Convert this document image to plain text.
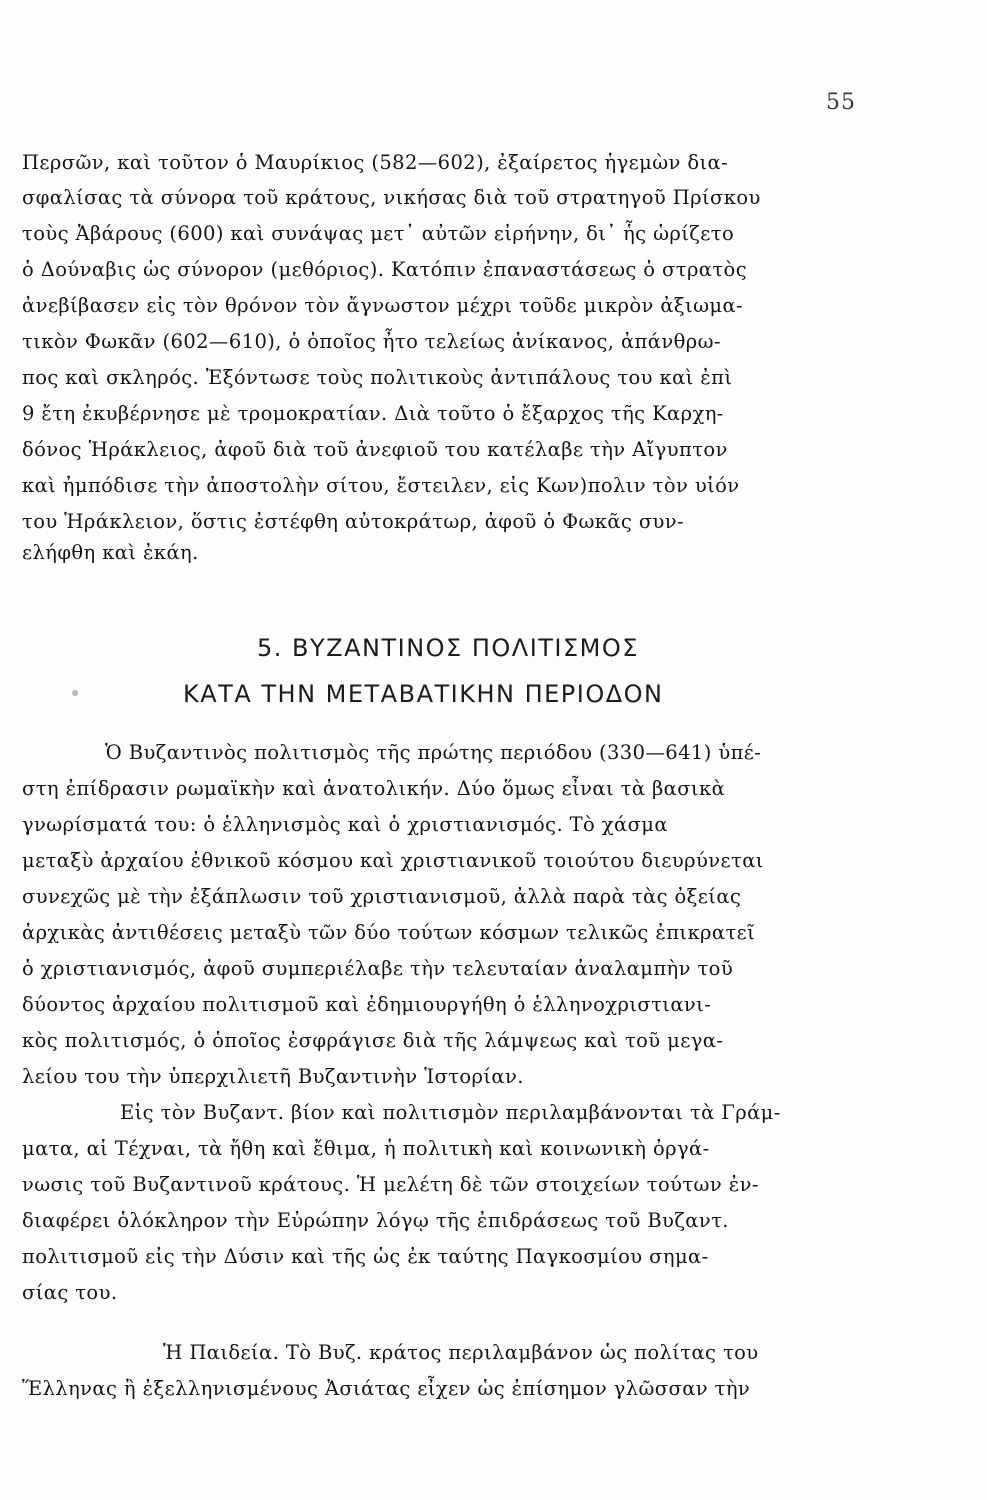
55
Περσῶν, καὶ τοῦτον ὁ Μαυρίκιος (582—602), ἐξαίρετος ἡγεμὼν δια-
σφαλίσας τὰ σύνορα τοῦ κράτους, νικήσας διὰ τοῦ στρατηγοῦ Πρίσκου
τοὺς Ἀβάρους (600) καὶ συνάψας μετ᾽ αὐτῶν εἰρήνην, δι᾽ ἧς ὡρίζετο
ὁ Δούναβις ὡς σύνορον (μεθόριος). Κατόπιν ἐπαναστάσεως ὁ στρατὸς
ἀνεβίβασεν εἰς τὸν θρόνον τὸν ἄγνωστον μέχρι τοῦδε μικρὸν ἀξιωμα-
τικὸν Φωκᾶν (602—610), ὁ ὁποῖος ἦτο τελείως ἀνίκανος, ἀπάνθρω-
πος καὶ σκληρός. Ἐξόντωσε τοὺς πολιτικοὺς ἀντιπάλους του καὶ ἐπὶ
9 ἔτη ἐκυβέρνησε μὲ τρομοκρατίαν. Διὰ τοῦτο ὁ ἔξαρχος τῆς Καρχη-
δόνος Ἡράκλειος, ἀφοῦ διὰ τοῦ ἀνεφιοῦ του κατέλαβε τὴν Αἴγυπτον
καὶ ἠμπόδισε τὴν ἀποστολὴν σίτου, ἔστειλεν, εἰς Κων)πολιν τὸν υἱόν
του Ἡράκλειον, ὅστις ἐστέφθη αὐτοκράτωρ, ἀφοῦ ὁ Φωκᾶς συν-
ελήφθη καὶ ἐκάη.
5. ΒΥΖΑΝΤΙΝΟΣ ΠΟΛΙΤΙΣΜΟΣ
ΚΑΤΑ ΤΗΝ ΜΕΤΑΒΑΤΙΚΗΝ ΠΕΡΙΟΔΟΝ
Ὁ Βυζαντινὸς πολιτισμὸς τῆς πρώτης περιόδου (330—641) ὑπέ-
στη ἐπίδρασιν ρωμαϊκὴν καὶ ἀνατολικήν. Δύο ὅμως εἶναι τὰ βασικὰ
γνωρίσματά του: ὁ ἑλληνισμὸς καὶ ὁ χριστιανισμός. Τὸ χάσμα
μεταξὺ ἀρχαίου ἐθνικοῦ κόσμου καὶ χριστιανικοῦ τοιούτου διευρύνεται
συνεχῶς μὲ τὴν ἐξάπλωσιν τοῦ χριστιανισμοῦ, ἀλλὰ παρὰ τὰς ὀξείας
ἀρχικὰς ἀντιθέσεις μεταξὺ τῶν δύο τούτων κόσμων τελικῶς ἐπικρατεῖ
ὁ χριστιανισμός, ἀφοῦ συμπεριέλαβε τὴν τελευταίαν ἀναλαμπὴν τοῦ
δύοντος ἀρχαίου πολιτισμοῦ καὶ ἐδημιουργήθη ὁ ἑλληνοχριστιανι-
κὸς πολιτισμός, ὁ ὁποῖος ἐσφράγισε διὰ τῆς λάμψεως καὶ τοῦ μεγα-
λείου του τὴν ὑπερχιλιετῆ Βυζαντινὴν Ἱστορίαν.
Εἰς τὸν Βυζαντ. βίον καὶ πολιτισμὸν περιλαμβάνονται τὰ Γράμ-
ματα, αἱ Τέχναι, τὰ ἤθη καὶ ἔθιμα, ἡ πολιτικὴ καὶ κοινωνικὴ ὀργά-
νωσις τοῦ Βυζαντινοῦ κράτους. Ἡ μελέτη δὲ τῶν στοιχείων τούτων ἐν-
διαφέρει ὁλόκληρον τὴν Εὐρώπην λόγῳ τῆς ἐπιδράσεως τοῦ Βυζαντ.
πολιτισμοῦ εἰς τὴν Δύσιν καὶ τῆς ὡς ἐκ ταύτης Παγκοσμίου σημα-
σίας του.
Ἡ Παιδεία. Τὸ Βυζ. κράτος περιλαμβάνον ὡς πολίτας του
Ἕλληνας ἢ ἐξελληνισμένους Ἀσιάτας εἶχεν ὡς ἐπίσημον γλῶσσαν τὴν
